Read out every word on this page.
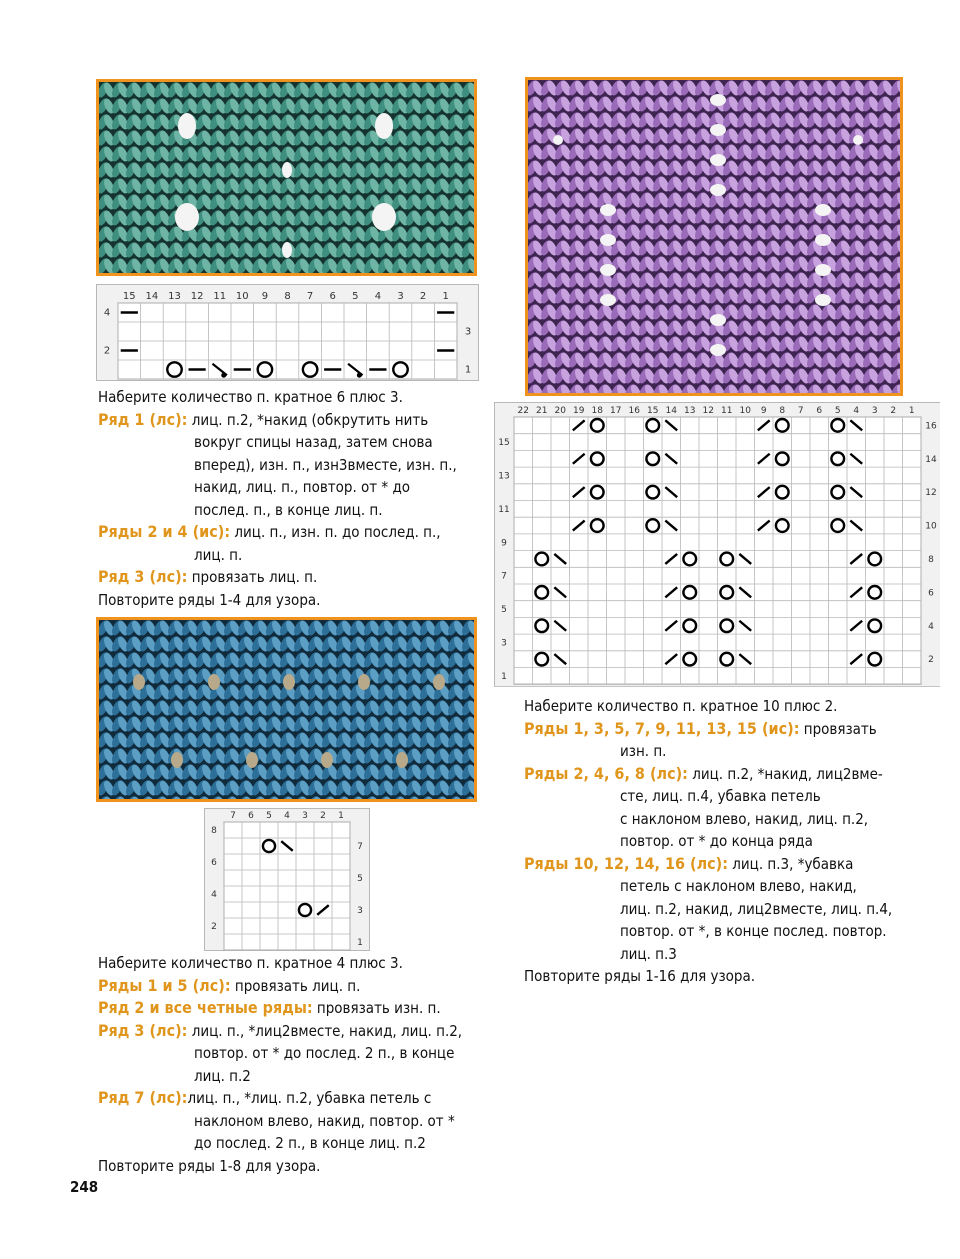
15 14 13 12 11 10 9 8 7 6 5 4 3 2 1
4
2
3
1
22 21 20 19 18 17 16 15 14 13 12 11 10 9 8 7 6 5 4 3 2 1
15
13
11
9
7
5
3
1
16
14
12
10
8
6
4
2
7 6 5 4 3 2 1
8
6
4
2
7
5
3
1
Наберите количество п. кратное 6 плюс 3.
Ряд 1 (лс): лиц. п.2, *накид (обкрутить нить
вокруг спицы назад, затем снова
вперед), изн. п., изн3вместе, изн. п.,
накид, лиц. п., повтор. от * до
послед. п., в конце лиц. п.
Ряды 2 и 4 (ис): лиц. п., изн. п. до послед. п.,
лиц. п.
Ряд 3 (лс): провязать лиц. п.
Повторите ряды 1-4 для узора.
Наберите количество п. кратное 10 плюс 2.
Ряды 1, 3, 5, 7, 9, 11, 13, 15 (ис): провязать
изн. п.
Ряды 2, 4, 6, 8 (лс): лиц. п.2, *накид, лиц2вме-
сте, лиц. п.4, убавка петель
с наклоном влево, накид, лиц. п.2,
повтор. от * до конца ряда
Ряды 10, 12, 14, 16 (лс): лиц. п.3, *убавка
петель с наклоном влево, накид,
лиц. п.2, накид, лиц2вместе, лиц. п.4,
повтор. от *, в конце послед. повтор.
лиц. п.3
Повторите ряды 1-16 для узора.
Наберите количество п. кратное 4 плюс 3.
Ряды 1 и 5 (лс): провязать лиц. п.
Ряд 2 и все четные ряды: провязать изн. п.
Ряд 3 (лс): лиц. п., *лиц2вместе, накид, лиц. п.2,
повтор. от * до послед. 2 п., в конце
лиц. п.2
Ряд 7 (лс):лиц. п., *лиц. п.2, убавка петель с
наклоном влево, накид, повтор. от *
до послед. 2 п., в конце лиц. п.2
Повторите ряды 1-8 для узора.
248
